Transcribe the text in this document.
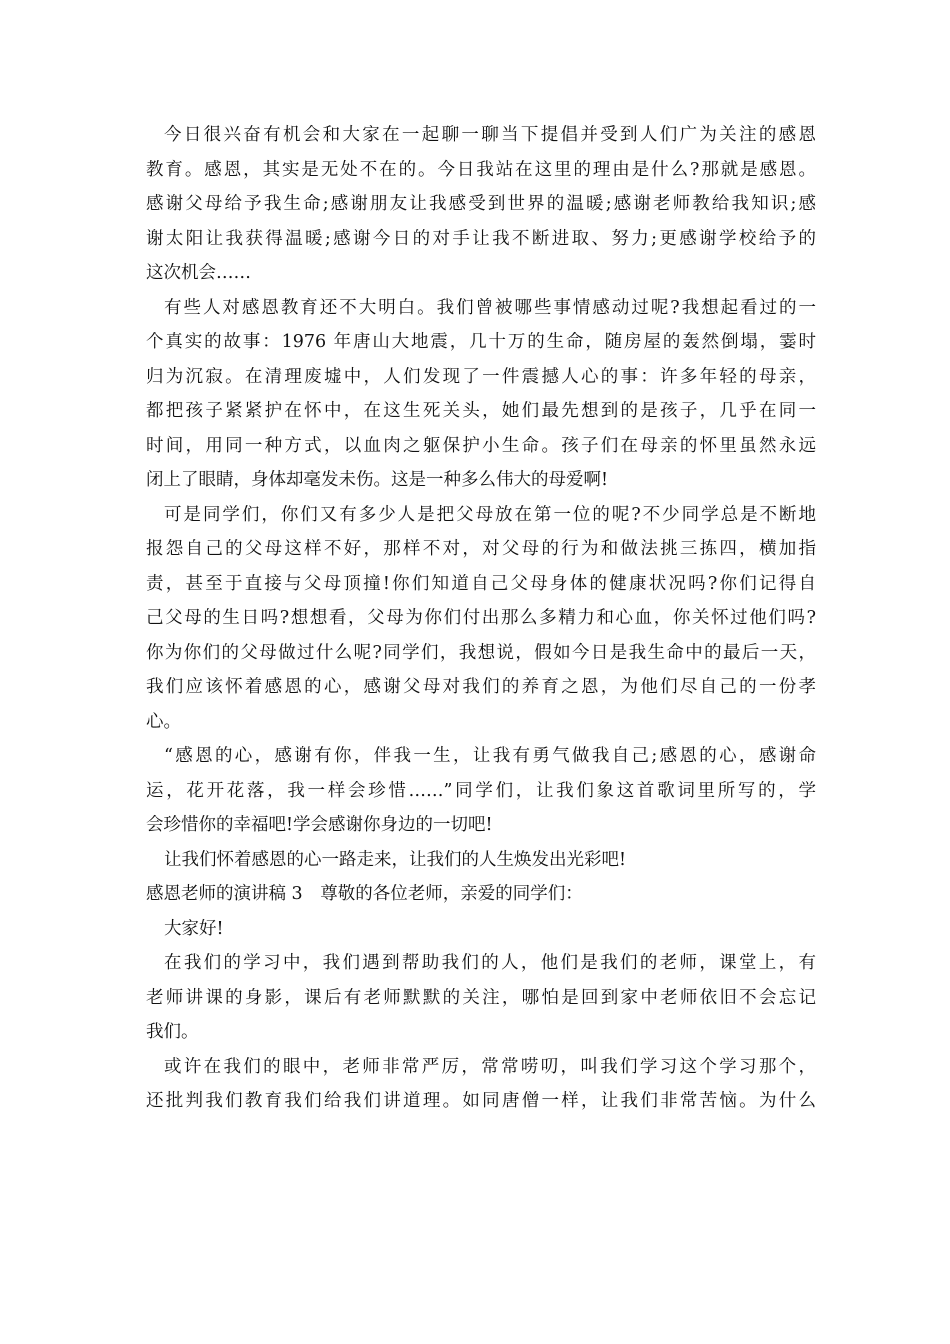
今日很兴奋有机会和大家在一起聊一聊当下提倡并受到人们广为关注的感恩
教育。感恩，其实是无处不在的。今日我站在这里的理由是什么?那就是感恩。
感谢父母给予我生命;感谢朋友让我感受到世界的温暖;感谢老师教给我知识;感
谢太阳让我获得温暖;感谢今日的对手让我不断进取、努力;更感谢学校给予的
这次机会……
有些人对感恩教育还不大明白。我们曾被哪些事情感动过呢?我想起看过的一
个真实的故事：1976 年唐山大地震，几十万的生命，随房屋的轰然倒塌，霎时
归为沉寂。在清理废墟中，人们发现了一件震撼人心的事：许多年轻的母亲，
都把孩子紧紧护在怀中，在这生死关头，她们最先想到的是孩子，几乎在同一
时间，用同一种方式，以血肉之躯保护小生命。孩子们在母亲的怀里虽然永远
闭上了眼睛，身体却毫发未伤。这是一种多么伟大的母爱啊!
可是同学们，你们又有多少人是把父母放在第一位的呢?不少同学总是不断地
报怨自己的父母这样不好，那样不对，对父母的行为和做法挑三拣四，横加指
责，甚至于直接与父母顶撞!你们知道自己父母身体的健康状况吗?你们记得自
己父母的生日吗?想想看，父母为你们付出那么多精力和心血，你关怀过他们吗?
你为你们的父母做过什么呢?同学们，我想说，假如今日是我生命中的最后一天，
我们应该怀着感恩的心，感谢父母对我们的养育之恩，为他们尽自己的一份孝
心。
“感恩的心，感谢有你，伴我一生，让我有勇气做我自己;感恩的心，感谢命
运，花开花落，我一样会珍惜……”同学们，让我们象这首歌词里所写的，学
会珍惜你的幸福吧!学会感谢你身边的一切吧!
让我们怀着感恩的心一路走来，让我们的人生焕发出光彩吧!
感恩老师的演讲稿 3　尊敬的各位老师，亲爱的同学们：
大家好!
在我们的学习中，我们遇到帮助我们的人，他们是我们的老师，课堂上，有
老师讲课的身影，课后有老师默默的关注，哪怕是回到家中老师依旧不会忘记
我们。
或许在我们的眼中，老师非常严厉，常常唠叨，叫我们学习这个学习那个，
还批判我们教育我们给我们讲道理。如同唐僧一样，让我们非常苦恼。为什么
